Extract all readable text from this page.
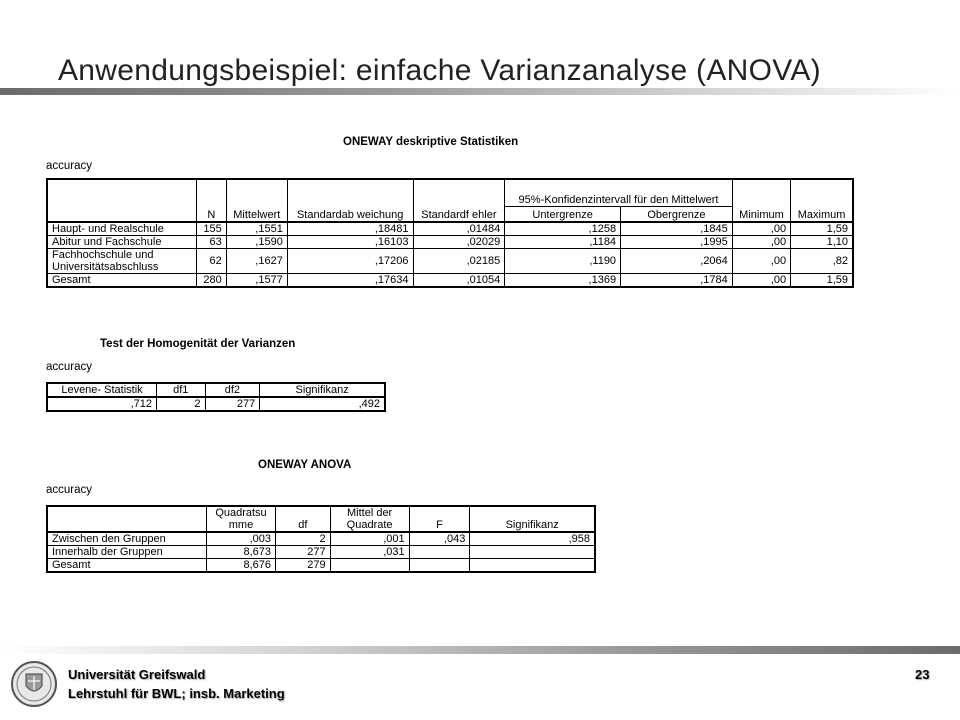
Anwendungsbeispiel: einfache Varianzanalyse (ANOVA)
ONEWAY deskriptive Statistiken
accuracy
	N	Mittelwert	Standardab weichung	Standardf ehler	95%-Konfidenzintervall für den Mittelwert		Minimum	Maximum
					Untergrenze	Obergrenze		
Haupt- und Realschule	155	,1551	,18481	,01484	,1258	,1845	,00	1,59
Abitur und Fachschule	63	,1590	,16103	,02029	,1184	,1995	,00	1,10
Fachhochschule und Universitätsabschluss	62	,1627	,17206	,02185	,1190	,2064	,00	,82
Gesamt	280	,1577	,17634	,01054	,1369	,1784	,00	1,59
Test der Homogenität der Varianzen
accuracy
Levene- Statistik	df1	df2	Signifikanz
,712	2	277	,492
ONEWAY ANOVA
accuracy
	Quadratsu mme	df	Mittel der Quadrate	F	Signifikanz
Zwischen den Gruppen	,003	2	,001	,043	,958
Innerhalb der Gruppen	8,673	277	,031		
Gesamt	8,676	279			
Universität Greifswald
Lehrstuhl für BWL; insb. Marketing
23
